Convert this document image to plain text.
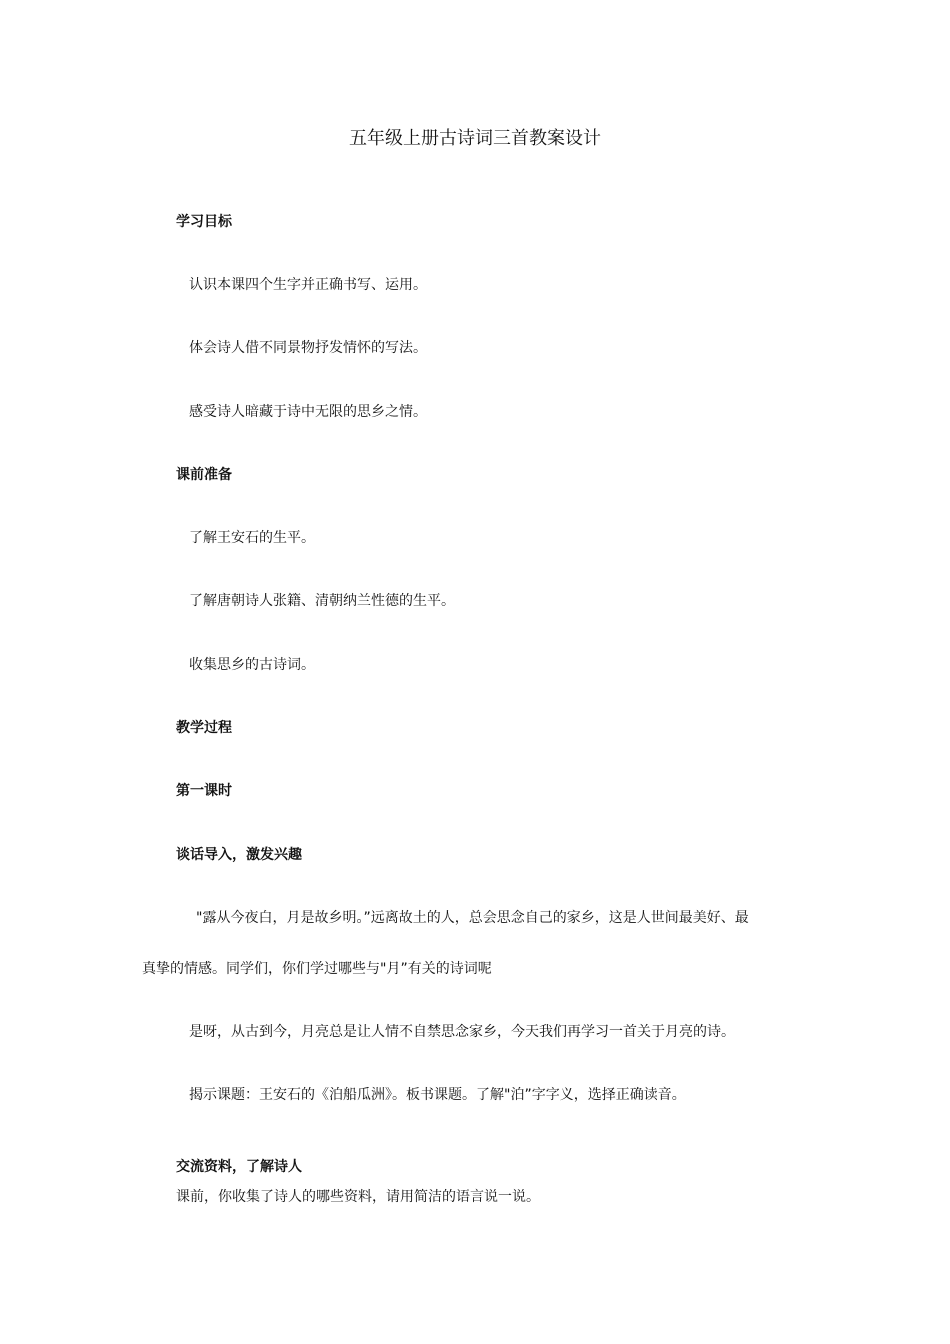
五年级上册古诗词三首教案设计
学习目标
认识本课四个生字并正确书写、运用。
体会诗人借不同景物抒发情怀的写法。
感受诗人暗藏于诗中无限的思乡之情。
课前准备
了解王安石的生平。
了解唐朝诗人张籍、清朝纳兰性德的生平。
收集思乡的古诗词。
教学过程
第一课时
谈话导入，激发兴趣
"露从今夜白，月是故乡明。”远离故土的人，总会思念自己的家乡，这是人世间最美好、最
真挚的情感。同学们，你们学过哪些与"月”有关的诗词呢
是呀，从古到今，月亮总是让人情不自禁思念家乡，今天我们再学习一首关于月亮的诗。
揭示课题：王安石的《泊船瓜洲》。板书课题。了解"泊”字字义，选择正确读音。
交流资料，了解诗人
课前，你收集了诗人的哪些资料，请用简洁的语言说一说。
